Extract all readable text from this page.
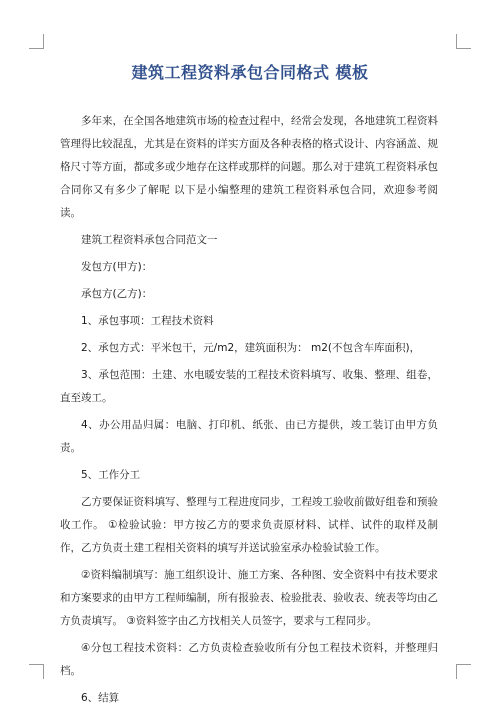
建筑工程资料承包合同格式 模板

多年来，在全国各地建筑市场的检查过程中，经常会发现，各地建筑工程资料管理得比较混乱，尤其是在资料的详实方面及各种表格的格式设计、内容涵盖、规格尺寸等方面，都或多或少地存在这样或那样的问题。那么对于建筑工程资料承包合同你又有多少了解呢 以下是小编整理的建筑工程资料承包合同，欢迎参考阅读。

建筑工程资料承包合同范文一

发包方(甲方)：

承包方(乙方)：

1、承包事项：工程技术资料

2、承包方式：平米包干，元/m2，建筑面积为： m2(不包含车库面积)，

3、承包范围：土建、水电暖安装的工程技术资料填写、收集、整理、组卷，直至竣工。

4、办公用品归属：电脑、打印机、纸张、由已方提供，竣工装订由甲方负责。

5、工作分工

乙方要保证资料填写、整理与工程进度同步，工程竣工验收前做好组卷和预验收工作。 ①检验试验：甲方按乙方的要求负责原材料、试样、试件的取样及制作，乙方负责土建工程相关资料的填写并送试验室承办检验试验工作。

②资料编制填写：施工组织设计、施工方案、各种图、安全资料中有技术要求和方案要求的由甲方工程师编制，所有报验表、检验批表、验收表、统表等均由乙方负责填写。 ③资料签字由乙方找相关人员签字，要求与工程同步。

④分包工程技术资料：乙方负责检查验收所有分包工程技术资料，并整理归档。

6、结算
